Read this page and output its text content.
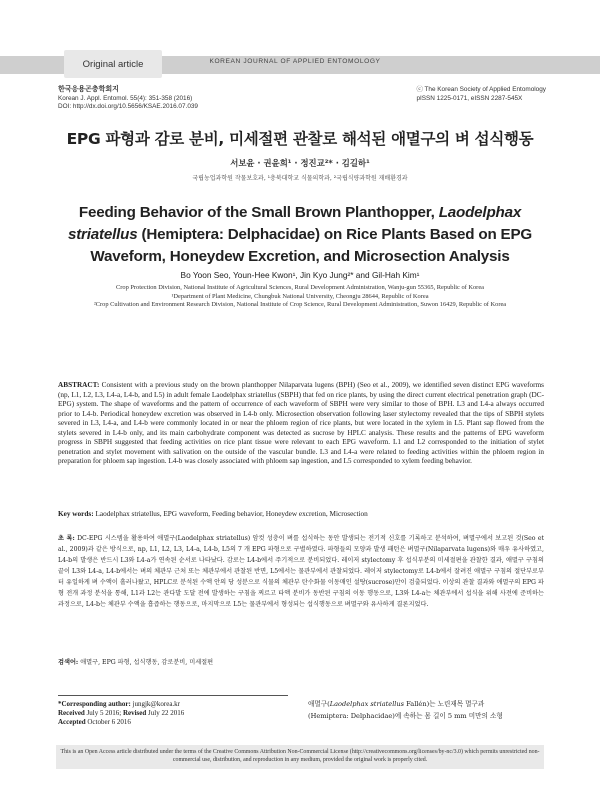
Original article	KOREAN JOURNAL OF APPLIED ENTOMOLOGY
한국응용곤충학회지
Korean J. Appl. Entomol. 55(4): 351-358 (2016)
DOI: http://dx.doi.org/10.5656/KSAE.2016.07.039
ⓒ The Korean Society of Applied Entomology
pISSN 1225-0171, eISSN 2287-545X
EPG 파형과 감로 분비, 미세절편 관찰로 해석된 애멸구의 벼 섭식행동
서보윤 · 권윤희¹ · 정진교²* · 김길하¹
국립농업과학원 작물보호과, ¹충북대학교 식물의학과, ²국립식량과학원 재배환경과
Feeding Behavior of the Small Brown Planthopper, Laodelphax striatellus (Hemiptera: Delphacidae) on Rice Plants Based on EPG Waveform, Honeydew Excretion, and Microsection Analysis
Bo Yoon Seo, Youn-Hee Kwon¹, Jin Kyo Jung²* and Gil-Hah Kim¹
Crop Protection Division, National Institute of Agricultural Sciences, Rural Development Administration, Wanju-gun 55365, Republic of Korea
¹Department of Plant Medicine, Chungbuk National University, Cheongju 28644, Republic of Korea
²Crop Cultivation and Environment Research Division, National Institute of Crop Science, Rural Development Administration, Suwon 16429, Republic of Korea
ABSTRACT: Consistent with a previous study on the brown planthopper Nilaparvata lugens (BPH) (Seo et al., 2009), we identified seven distinct EPG waveforms (np, L1, L2, L3, L4-a, L4-b, and L5) in adult female Laodelphax striatellus (SBPH) that fed on rice plants, by using the direct current electrical penetration graph (DC-EPG) system. The shape of waveforms and the pattern of occurrence of each waveform of SBPH were very similar to those of BPH. L3 and L4-a always occurred prior to L4-b. Periodical honeydew excretion was observed in L4-b only. Microsection observation following laser stylectomy revealed that the tips of SBPH stylets severed in L3, L4-a, and L4-b were commonly located in or near the phloem region of rice plants, but were located in the xylem in L5. Plant sap flowed from the stylets severed in L4-b only, and its main carbohydrate component was detected as sucrose by HPLC analysis. These results and the patterns of EPG waveform progress in SBPH suggested that feeding activities on rice plant tissue were relevant to each EPG waveform. L1 and L2 corresponded to the initiation of stylet penetration and stylet movement with salivation on the outside of the vascular bundle. L3 and L4-a were related to feeding activities within the phloem region in preparation for phloem sap ingestion. L4-b was closely associated with phloem sap ingestion, and L5 corresponded to xylem feeding behavior.
Key words: Laodelphax striatellus, EPG waveform, Feeding behavior, Honeydew excretion, Microsection
초 록: DC-EPG 시스템을 활용하여 애멸구(Laodelphax striatellus) 암컷 성충이 벼를 섭식하는 동안 발생되는 전기적 신호를 기록하고 분석하여, 벼멸구에서 보고된 것(Seo et al., 2009)과 같은 방식으로, np, L1, L2, L3, L4-a, L4-b, L5의 7 개 EPG 파형으로 구별하였다. 파형들의 모양과 발생 패턴은 벼멸구(Nilaparvata lugens)와 매우 유사하였고, L4-b의 발생은 반드시 L3와 L4-a가 연속된 순서로 나타났다. 감로는 L4-b에서 주기적으로 분비되었다. 레이저 stylectomy 후 섭식부분의 미세절편을 관찰한 결과, 애멸구 구침의 끝이 L3와 L4-a, L4-b에서는 벼의 체관부 근처 또는 체관부에서 관찰된 반면, L5에서는 물관부에서 관찰되었다. 레이저 stylectomy로 L4-b에서 잘려진 애멸구 구침의 절단부로부터 유일하게 벼 수액이 흘러나왔고, HPLC로 분석된 수액 안의 당 성분으로 식물의 체관부 탄수화물 이동매인 설탕(sucrose)만이 검출되었다. 이상의 관찰 결과와 애멸구의 EPG 파형 전개 과정 분석을 통해, L1과 L2는 관다발 도달 전에 발생하는 구침을 찌르고 타액 분비가 동반된 구침의 이동 행동으로, L3와 L4-a는 체관부에서 섭식을 위해 사전에 준비하는 과정으로, L4-b는 체관부 수액을 흡즙하는 행동으로, 마지막으로 L5는 물관부에서 형성되는 섭식행동으로 벼멸구와 유사하게 결론지었다.
검색어: 애멸구, EPG 파형, 섭식행동, 감로분비, 미세절편
*Corresponding author: jungjk@korea.kr
Received July 5 2016; Revised July 22 2016
Accepted October 6 2016
애멸구(Laodelphax striatellus Fallén)는 노린재목 멸구과
(Hemiptera: Delphacidae)에 속하는 몸 길이 5 mm 미만의 소형
This is an Open Access article distributed under the terms of the Creative Commons Attribution Non-Commercial License (http://creativecommons.org/licenses/by-nc/3.0) which permits unrestricted non-commercial use, distribution, and reproduction in any medium, provided the original work is properly cited.
